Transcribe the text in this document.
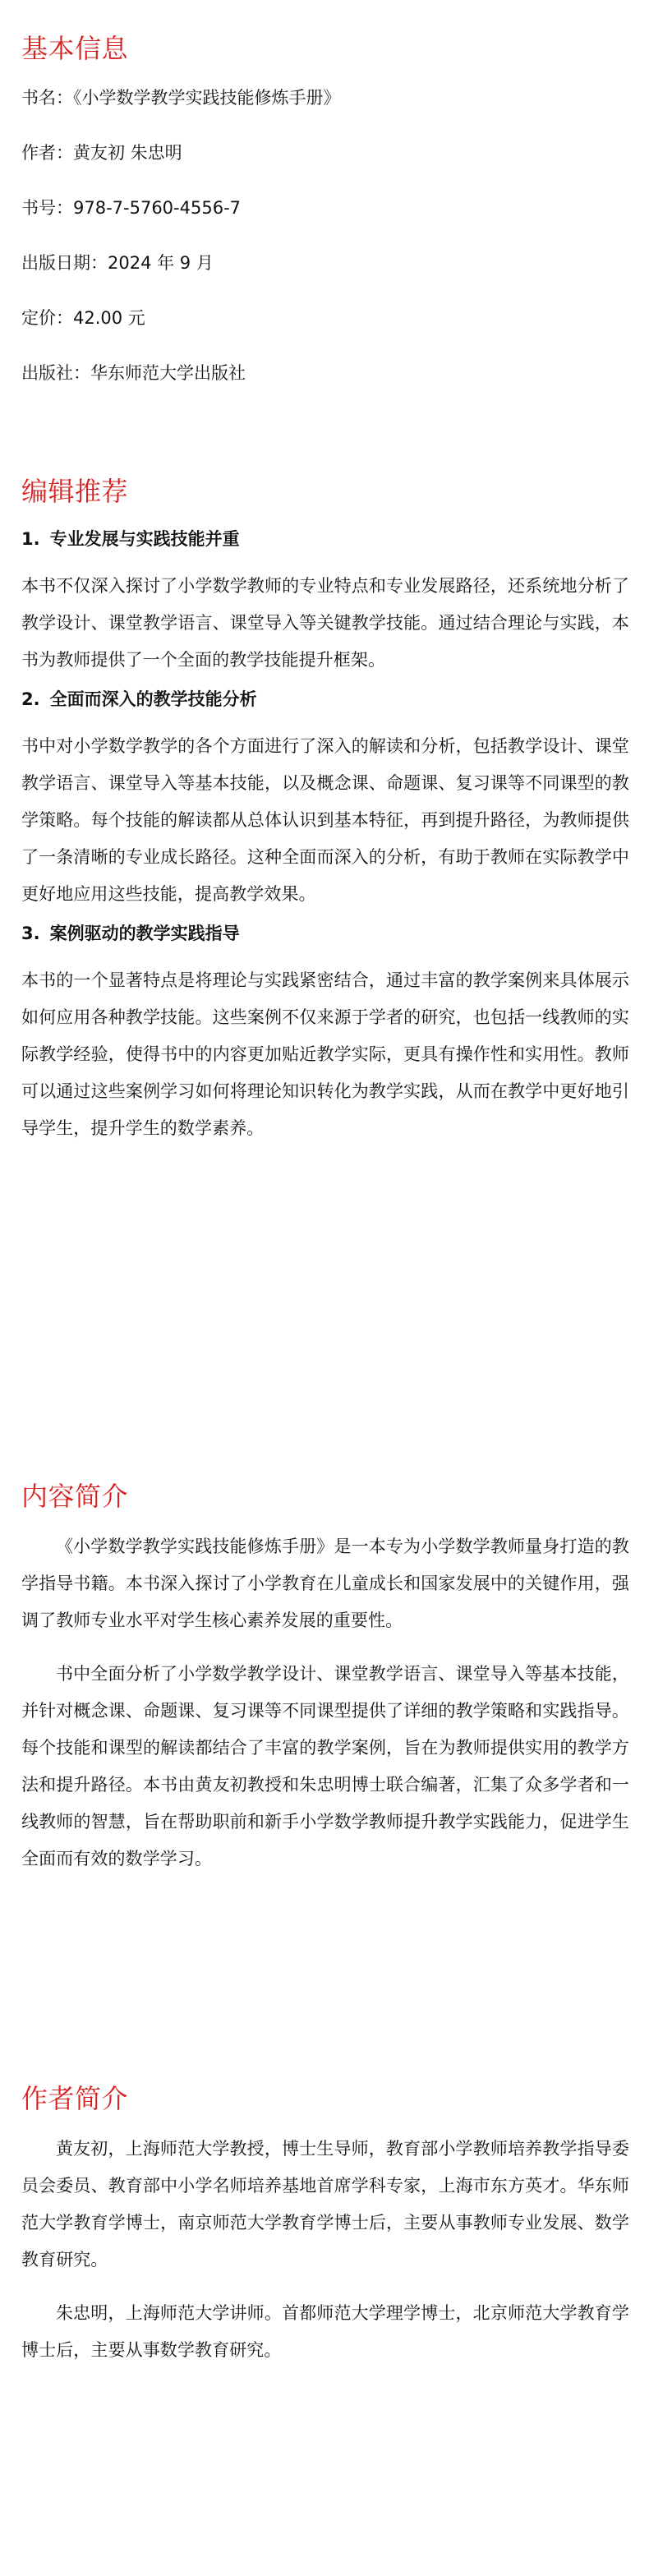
基本信息
书名：《小学数学教学实践技能修炼手册》
作者：黄友初 朱忠明
书号：978-7-5760-4556-7
出版日期：2024 年 9 月
定价：42.00 元
出版社：华东师范大学出版社
编辑推荐
1. 专业发展与实践技能并重

本书不仅深入探讨了小学数学教师的专业特点和专业发展路径，还系统地分析了教学设计、课堂教学语言、课堂导入等关键教学技能。通过结合理论与实践，本书为教师提供了一个全面的教学技能提升框架。

2. 全面而深入的教学技能分析

书中对小学数学教学的各个方面进行了深入的解读和分析，包括教学设计、课堂教学语言、课堂导入等基本技能，以及概念课、命题课、复习课等不同课型的教学策略。每个技能的解读都从总体认识到基本特征，再到提升路径，为教师提供了一条清晰的专业成长路径。这种全面而深入的分析，有助于教师在实际教学中更好地应用这些技能，提高教学效果。

3. 案例驱动的教学实践指导

本书的一个显著特点是将理论与实践紧密结合，通过丰富的教学案例来具体展示如何应用各种教学技能。这些案例不仅来源于学者的研究，也包括一线教师的实际教学经验，使得书中的内容更加贴近教学实际，更具有操作性和实用性。教师可以通过这些案例学习如何将理论知识转化为教学实践，从而在教学中更好地引导学生，提升学生的数学素养。

内容简介

《小学数学教学实践技能修炼手册》是一本专为小学数学教师量身打造的教学指导书籍。本书深入探讨了小学教育在儿童成长和国家发展中的关键作用，强调了教师专业水平对学生核心素养发展的重要性。

书中全面分析了小学数学教学设计、课堂教学语言、课堂导入等基本技能，并针对概念课、命题课、复习课等不同课型提供了详细的教学策略和实践指导。每个技能和课型的解读都结合了丰富的教学案例，旨在为教师提供实用的教学方法和提升路径。本书由黄友初教授和朱忠明博士联合编著，汇集了众多学者和一线教师的智慧，旨在帮助职前和新手小学数学教师提升教学实践能力，促进学生全面而有效的数学学习。

作者简介

黄友初，上海师范大学教授，博士生导师，教育部小学教师培养教学指导委员会委员、教育部中小学名师培养基地首席学科专家，上海市东方英才。华东师范大学教育学博士，南京师范大学教育学博士后，主要从事教师专业发展、数学教育研究。

朱忠明，上海师范大学讲师。首都师范大学理学博士，北京师范大学教育学博士后，主要从事数学教育研究。
